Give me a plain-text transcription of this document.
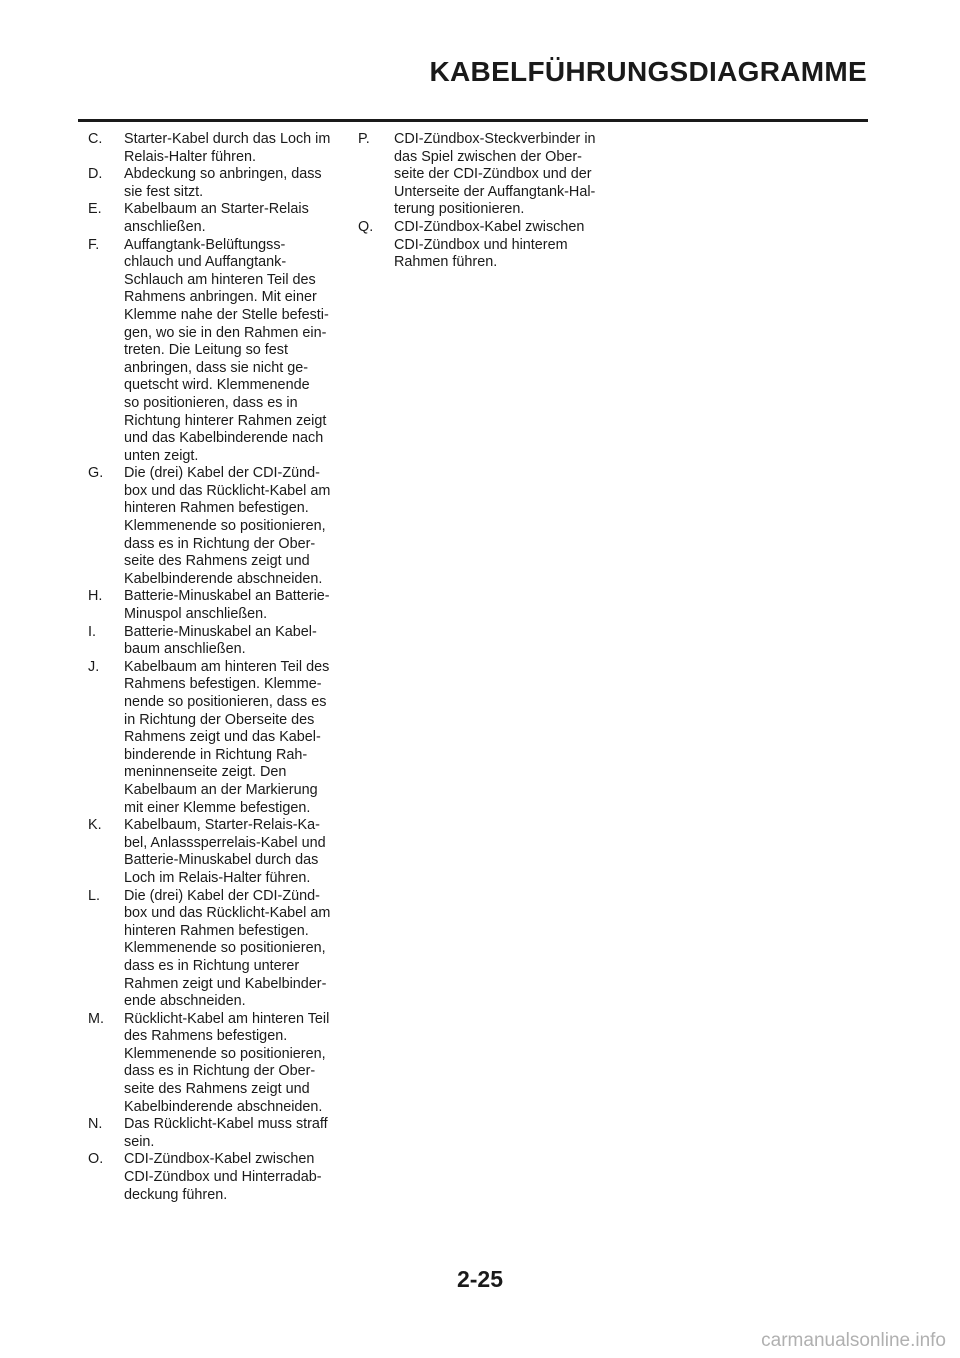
KABELFÜHRUNGSDIAGRAMME
C.	Starter-Kabel durch das Loch im
Relais-Halter führen.
D.	Abdeckung so anbringen, dass
sie fest sitzt.
E.	Kabelbaum an Starter-Relais
anschließen.
F.	Auffangtank-Belüftungss-
chlauch und Auffangtank-
Schlauch am hinteren Teil des
Rahmens anbringen. Mit einer
Klemme nahe der Stelle befesti-
gen, wo sie in den Rahmen ein-
treten. Die Leitung so fest
anbringen, dass sie nicht ge-
quetscht wird. Klemmenende
so positionieren, dass es in
Richtung hinterer Rahmen zeigt
und das Kabelbinderende nach
unten zeigt.
G.	Die (drei) Kabel der CDI-Zünd-
box und das Rücklicht-Kabel am
hinteren Rahmen befestigen.
Klemmenende so positionieren,
dass es in Richtung der Ober-
seite des Rahmens zeigt und
Kabelbinderende abschneiden.
H.	Batterie-Minuskabel an Batterie-
Minuspol anschließen.
I.	Batterie-Minuskabel an Kabel-
baum anschließen.
J.	Kabelbaum am hinteren Teil des
Rahmens befestigen. Klemme-
nende so positionieren, dass es
in Richtung der Oberseite des
Rahmens zeigt und das Kabel-
binderende in Richtung Rah-
meninnenseite zeigt. Den
Kabelbaum an der Markierung
mit einer Klemme befestigen.
K.	Kabelbaum, Starter-Relais-Ka-
bel, Anlasssperrelais-Kabel und
Batterie-Minuskabel durch das
Loch im Relais-Halter führen.
L.	Die (drei) Kabel der CDI-Zünd-
box und das Rücklicht-Kabel am
hinteren Rahmen befestigen.
Klemmenende so positionieren,
dass es in Richtung unterer
Rahmen zeigt und Kabelbinder-
ende abschneiden.
M.	Rücklicht-Kabel am hinteren Teil
des Rahmens befestigen.
Klemmenende so positionieren,
dass es in Richtung der Ober-
seite des Rahmens zeigt und
Kabelbinderende abschneiden.
N.	Das Rücklicht-Kabel muss straff
sein.
O.	CDI-Zündbox-Kabel zwischen
CDI-Zündbox und Hinterradab-
deckung führen.
P.	CDI-Zündbox-Steckverbinder in
das Spiel zwischen der Ober-
seite der CDI-Zündbox und der
Unterseite der Auffangtank-Hal-
terung positionieren.
Q.	CDI-Zündbox-Kabel zwischen
CDI-Zündbox und hinterem
Rahmen führen.
2-25
carmanualsonline.info
